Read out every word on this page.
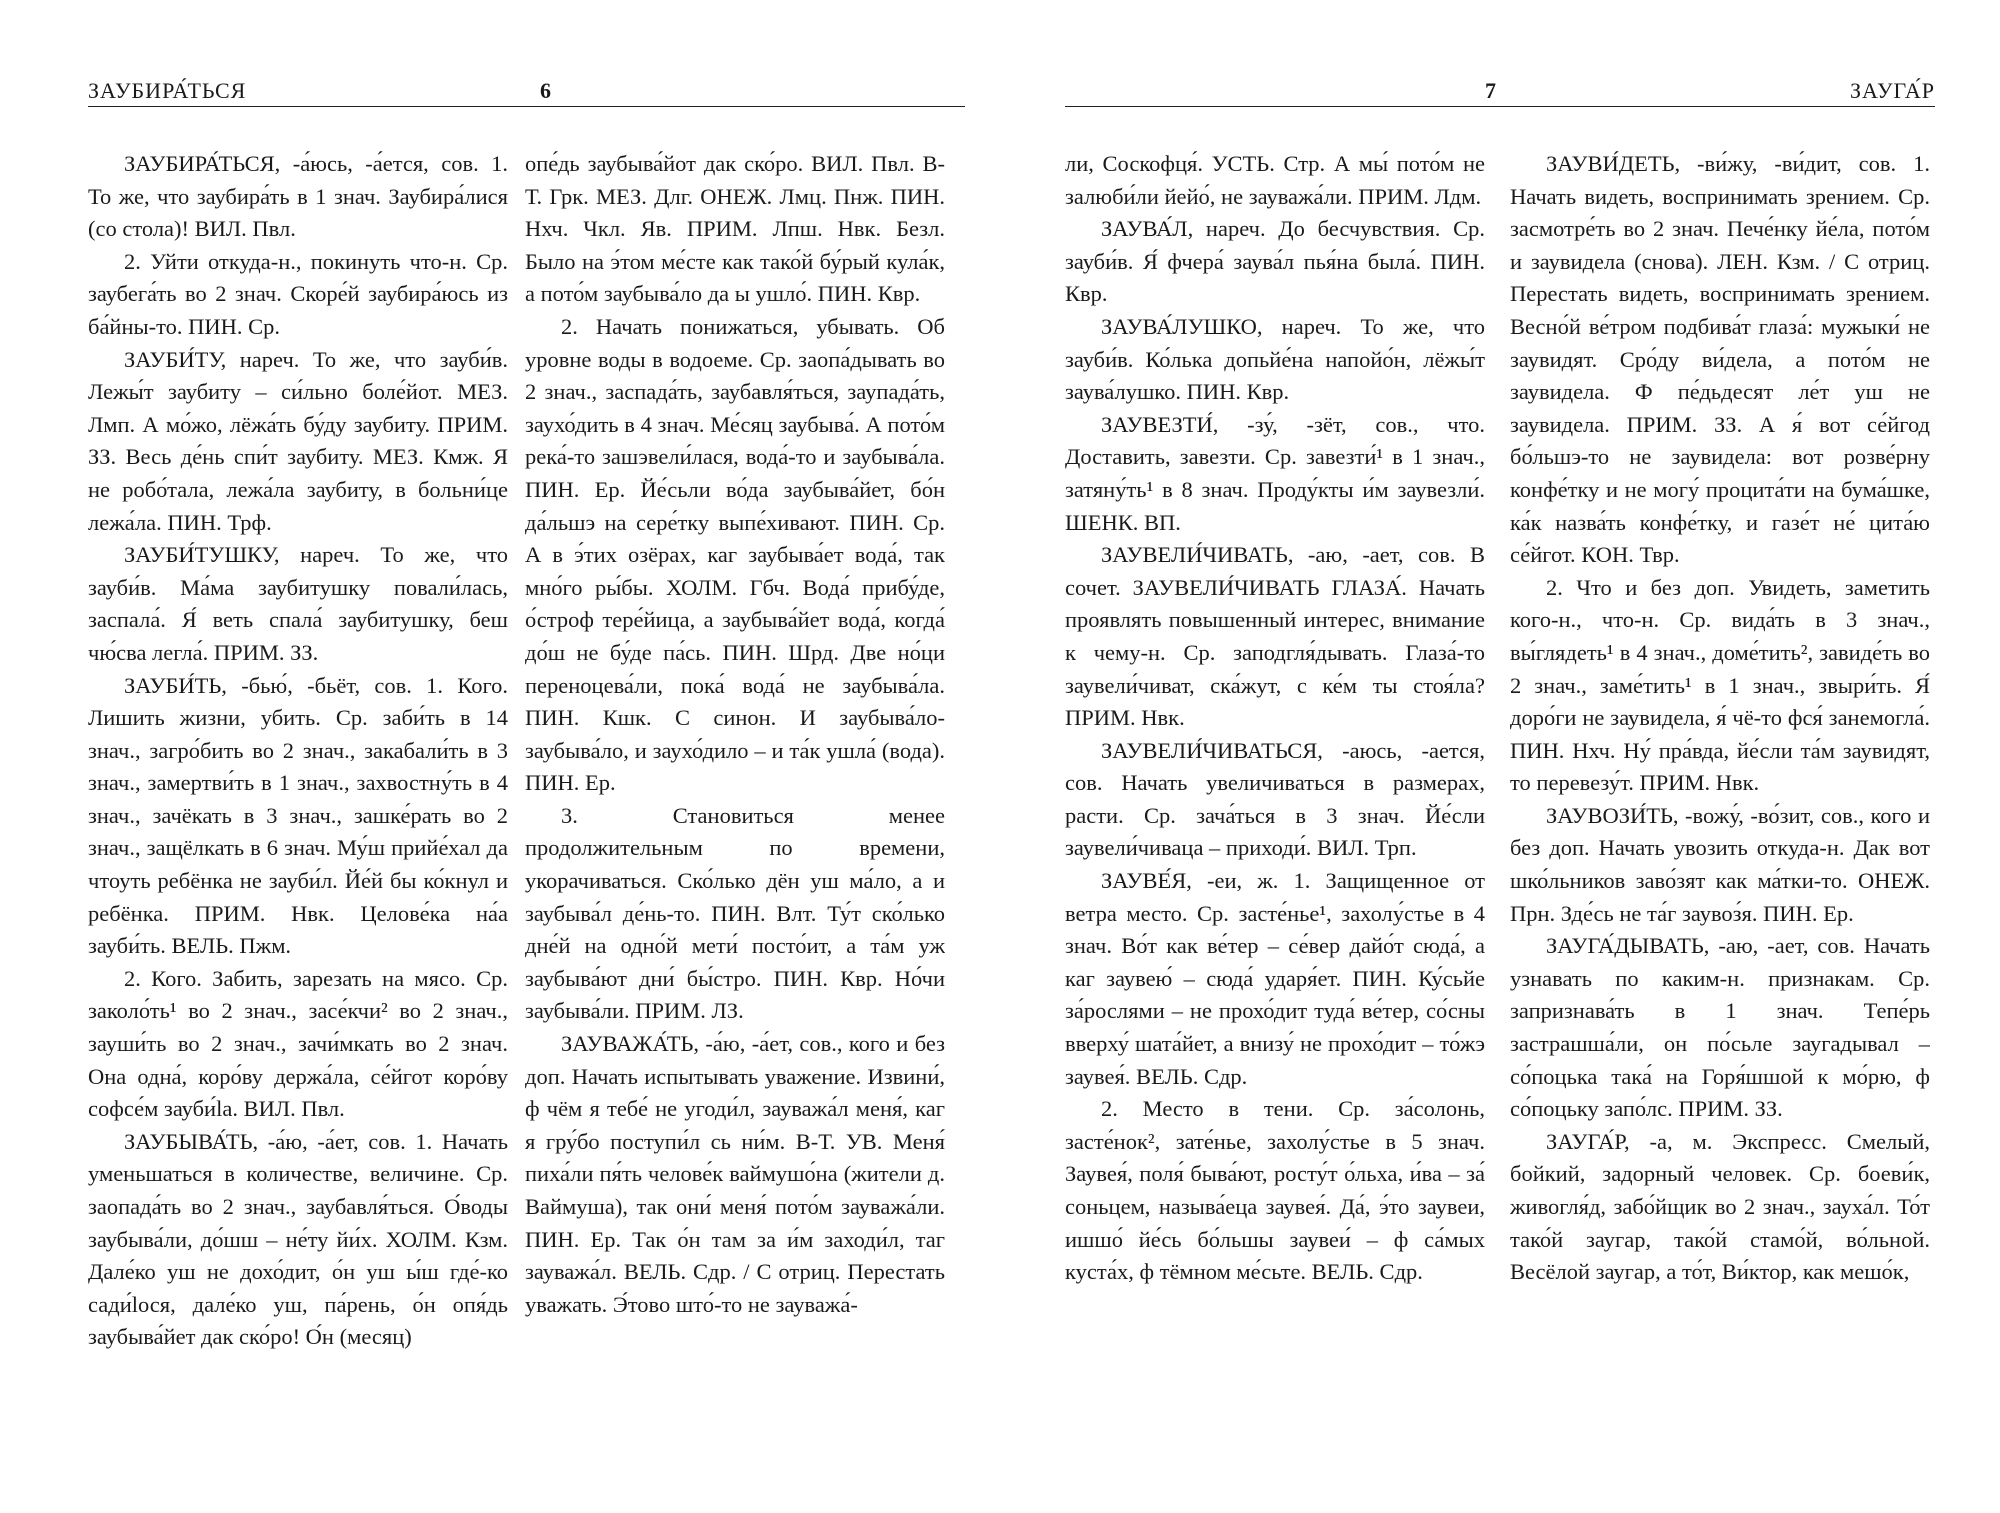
ЗАУБИРА́ТЬСЯ	6

ЗАУБИРА́ТЬСЯ, -а́юсь, -а́ется, сов. 1. То же, что заубира́ть в 1 знач. Заубира́лися (со стола)! ВИЛ. Пвл.

2. Уйти откуда-н., покинуть что-н. Ср. заубега́ть во 2 знач. Скоре́й заубира́юсь из ба́йны-то. ПИН. Ср.

ЗАУБИ́ТУ, нареч. То же, что зауби́в. Лежы́т заубиту – си́льно боле́йот. МЕЗ. Лмп. А мо́жо, лёжа́ть бу́ду заубиту. ПРИМ. ЗЗ. Весь де́нь спи́т заубиту. МЕЗ. Кмж. Я не робо́тала, лежа́ла заубиту, в больни́це лежа́ла. ПИН. Трф.

ЗАУБИ́ТУШКУ, нареч. То же, что зауби́в. Ма́ма заубитушку повали́лась, заспала́. Я́ веть спала́ заубитушку, беш чю́сва легла́. ПРИМ. ЗЗ.

ЗАУБИ́ТЬ, -бью́, -бьёт, сов. 1. Кого. Лишить жизни, убить. Ср. заби́ть в 14 знач., загро́бить во 2 знач., закабали́ть в 3 знач., замертви́ть в 1 знач., захвостну́ть в 4 знач., зачёкать в 3 знач., зашке́рать во 2 знач., защёлкать в 6 знач. Му́ш прийе́хал да чтоуть ребёнка не зауби́л. Йе́й бы ко́кнул и ребёнка. ПРИМ. Нвк. Целове́ка на́а зауби́ть. ВЕЛЬ. Пжм.

2. Кого. Забить, зарезать на мясо. Ср. заколо́ть¹ во 2 знач., засе́кчи² во 2 знач., зауши́ть во 2 знач., зачи́мкать во 2 знач. Она одна́, коро́ву держа́ла, се́йгот коро́ву софсе́м зауби́lа. ВИЛ. Пвл.

ЗАУБЫВА́ТЬ, -а́ю, -а́ет, сов. 1. Начать уменьшаться в количестве, величине. Ср. заопада́ть во 2 знач., заубавля́ться. О́воды заубыва́ли, до́шш – не́ту йи́х. ХОЛМ. Кзм. Дале́ко уш не дохо́дит, о́н уш ы́ш где́-ко сади́lося, дале́ко уш, па́рень, о́н опя́дь заубыва́йет дак ско́ро! О́н (месяц)

опе́дь заубыва́йот дак ско́ро. ВИЛ. Пвл. В-Т. Грк. МЕЗ. Длг. ОНЕЖ. Лмц. Пнж. ПИН. Нхч. Чкл. Яв. ПРИМ. Лпш. Нвк. Безл. Было на э́том ме́сте как тако́й бу́рый кула́к, а пото́м заубыва́ло да ы ушло́. ПИН. Квр.

2. Начать понижаться, убывать. Об уровне воды в водоеме. Ср. заопа́дывать во 2 знач., заспада́ть, заубавля́ться, заупада́ть, заухо́дить в 4 знач. Ме́сяц заубыва́. А пото́м река́-то зашэвели́лася, вода́-то и заубыва́ла. ПИН. Ер. Йе́сьли во́да заубыва́йет, бо́н да́льшэ на сере́тку выпе́хивают. ПИН. Ср. А в э́тих озёрах, каг заубыва́ет вода́, так мно́го ры́бы. ХОЛМ. Гбч. Вода́ прибу́де, о́строф тере́йица, а заубыва́йет вода́, когда́ до́ш не бу́де па́сь. ПИН. Шрд. Две но́ци переноцева́ли, пока́ вода́ не заубыва́ла. ПИН. Кшк. С синон. И заубыва́ло-заубыва́ло, и заухо́дило – и та́к ушла́ (вода). ПИН. Ер.

3. Становиться менее продолжительным по времени, укорачиваться. Ско́лько дён уш ма́ло, а и заубыва́л де́нь-то. ПИН. Влт. Ту́т ско́лько дне́й на одно́й мети́ посто́ит, а та́м уж заубыва́ют дни́ бы́стро. ПИН. Квр. Но́чи заубыва́ли. ПРИМ. ЛЗ.

ЗАУВАЖА́ТЬ, -а́ю, -а́ет, сов., кого и без доп. Начать испытывать уважение. Извини́, ф чём я тебе́ не угоди́л, зауважа́л меня́, каг я гру́бо поступи́л сь ни́м. В-Т. УВ. Меня́ пиха́ли пя́ть челове́к ваймушо́на (жители д. Ваймуша), так они́ меня́ пото́м зауважа́ли. ПИН. Ер. Так о́н там за и́м заходи́л, таг зауважа́л. ВЕЛЬ. Сдр. / С отриц. Перестать уважать. Э́тово што́-то не зауважа́-

7	ЗАУГА́Р

ли, Соскофця́. УСТЬ. Стр. А мы́ пото́м не залюби́ли йейо́, не зауважа́ли. ПРИМ. Лдм.

ЗАУВА́Л, нареч. До бесчувствия. Ср. зауби́в. Я́ фчера́ заува́л пья́на была́. ПИН. Квр.

ЗАУВА́ЛУШКО, нареч. То же, что зауби́в. Ко́лька допьйе́на напойо́н, лёжы́т заува́лушко. ПИН. Квр.

ЗАУВЕЗТИ́, -зу́, -зёт, сов., что. Доставить, завезти. Ср. завезти́¹ в 1 знач., затяну́ть¹ в 8 знач. Проду́кты и́м заувезли́. ШЕНК. ВП.

ЗАУВЕЛИ́ЧИВАТЬ, -аю, -ает, сов. В сочет. ЗАУВЕЛИ́ЧИВАТЬ ГЛАЗА́. Начать проявлять повышенный интерес, внимание к чему-н. Ср. заподгля́дывать. Глаза́-то заувели́чиват, ска́жут, с ке́м ты стоя́ла? ПРИМ. Нвк.

ЗАУВЕЛИ́ЧИВАТЬСЯ, -аюсь, -ается, сов. Начать увеличиваться в размерах, расти. Ср. зача́ться в 3 знач. Йе́сли заувели́чиваца – приходи́. ВИЛ. Трп.

ЗАУВЕ́Я, -еи, ж. 1. Защищенное от ветра место. Ср. засте́нье¹, захолу́стье в 4 знач. Во́т как ве́тер – се́вер дайо́т сюда́, а каг заувею́ – сюда́ ударя́ет. ПИН. Ку́сьйе за́рослями – не прохо́дит туда́ ве́тер, со́сны вверху́ шата́йет, а внизу́ не прохо́дит – то́жэ заувея́. ВЕЛЬ. Сдр.

2. Место в тени. Ср. за́солонь, засте́нок², зате́нье, захолу́стье в 5 знач. Заувея́, поля́ быва́ют, росту́т о́льха, и́ва – за́ соньцем, называ́еца заувея́. Да́, э́то заувеи, ишшо́ йе́сь бо́льшы заувеи́ – ф са́мых куста́х, ф тёмном ме́сьте. ВЕЛЬ. Сдр.

ЗАУВИ́ДЕТЬ, -ви́жу, -ви́дит, сов. 1. Начать видеть, воспринимать зрением. Ср. засмотре́ть во 2 знач. Пече́нку йе́ла, пото́м и заувидела (снова). ЛЕН. Кзм. / С отриц. Перестать видеть, воспринимать зрением. Весно́й ве́тром подбива́т глаза́: мужыки́ не заувидят. Сро́ду ви́дела, а пото́м не заувидела. Ф пе́дьдесят ле́т уш не заувидела. ПРИМ. ЗЗ. А я́ вот се́йгод бо́льшэ-то не заувидела: вот розве́рну конфе́тку и не могу́ процита́ти на бума́шке, ка́к назва́ть конфе́тку, и газе́т не́ цита́ю се́йгот. КОН. Твр.

2. Что и без доп. Увидеть, заметить кого-н., что-н. Ср. вида́ть в 3 знач., вы́глядеть¹ в 4 знач., доме́тить², завиде́ть во 2 знач., заме́тить¹ в 1 знач., звыри́ть. Я́ доро́ги не заувидела, я́ чё-то фся́ занемогла́. ПИН. Нхч. Ну́ пра́вда, йе́сли та́м заувидят, то перевезу́т. ПРИМ. Нвк.

ЗАУВОЗИ́ТЬ, -вожу́, -во́зит, сов., кого и без доп. Начать увозить откуда-н. Дак вот шко́льников заво́зят как ма́тки-то. ОНЕЖ. Прн. Зде́сь не та́г заувоз́я. ПИН. Ер.

ЗАУГА́ДЫВАТЬ, -аю, -ает, сов. Начать узнавать по каким-н. признакам. Ср. запризнава́ть в 1 знач. Тепе́рь застрашша́ли, он по́сьле заугадывал – со́поцька така́ на Горя́шшой к мо́рю, ф со́поцьку запо́лс. ПРИМ. ЗЗ.

ЗАУГА́Р, -а, м. Экспресс. Смелый, бойкий, задорный человек. Ср. боеви́к, живогля́д, забо́йщик во 2 знач., зауха́л. То́т тако́й заугар, тако́й стамо́й, во́льной. Весёлой заугар, а то́т, Ви́ктор, как мешо́к,
